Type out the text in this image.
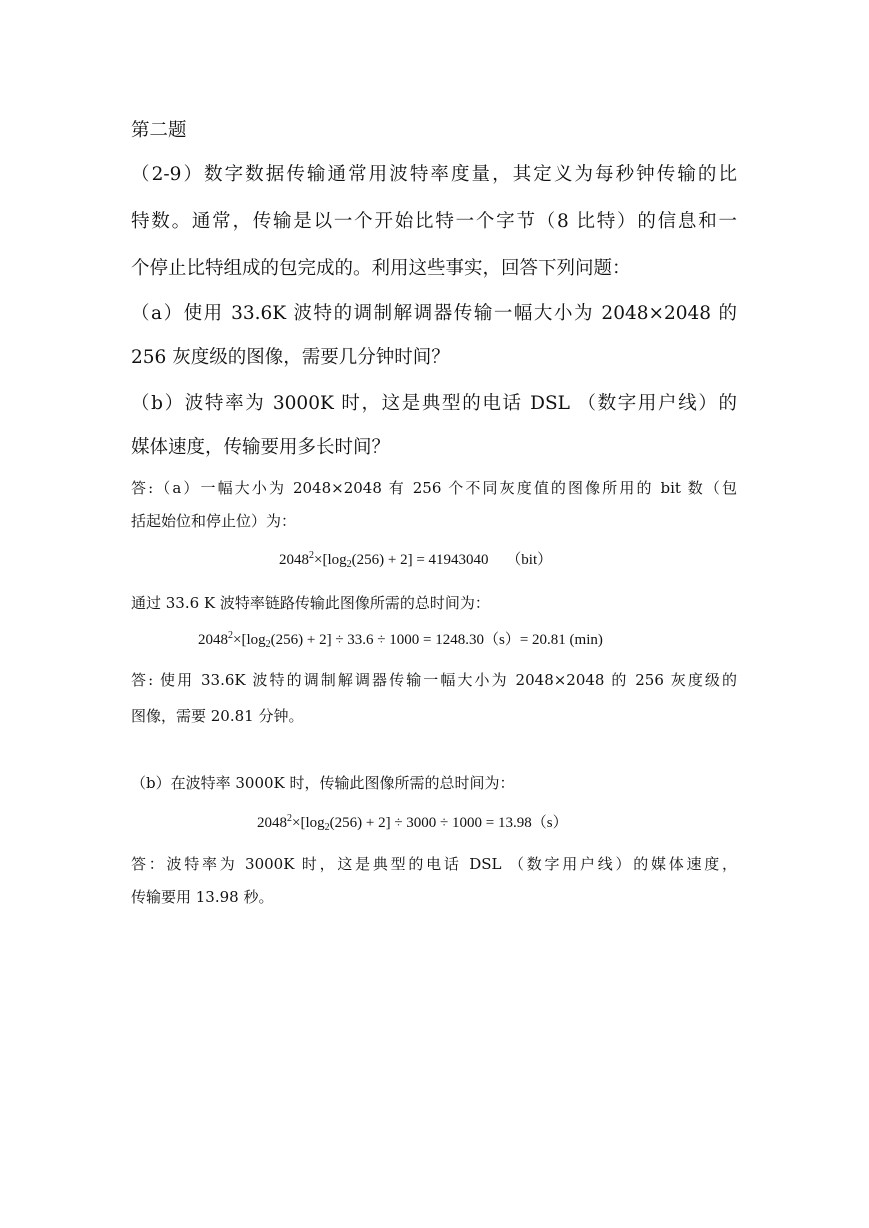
第二题
（2-9）数字数据传输通常用波特率度量，其定义为每秒钟传输的比
特数。通常，传输是以一个开始比特一个字节（8 比特）的信息和一
个停止比特组成的包完成的。利用这些事实，回答下列问题：
（a）使用 33.6K 波特的调制解调器传输一幅大小为 2048×2048 的
256 灰度级的图像，需要几分钟时间？
（b）波特率为 3000K 时，这是典型的电话 DSL （数字用户线）的
媒体速度，传输要用多长时间？
答:（a）一幅大小为 2048×2048 有 256 个不同灰度值的图像所用的 bit 数（包
括起始位和停止位）为：
$2048^2\times[\log_2(256) + 2] = 41943040$ （bit）
通过 33.6 K 波特率链路传输此图像所需的总时间为：
$2048^2\times[\log_2(256) + 2] \div 33.6 \div 1000 = 1248.30(s)= 20.81$ (min)
答: 使用 33.6K 波特的调制解调器传输一幅大小为 2048×2048 的 256 灰度级的
图像，需要 20.81 分钟。
（b）在波特率 3000K 时，传输此图像所需的总时间为：
$2048^2\times[\log_2(256) + 2] \div 3000 \div 1000 = 13.98(s)$
答：波特率为 3000K 时，这是典型的电话 DSL （数字用户线）的媒体速度，
传输要用 13.98 秒。
